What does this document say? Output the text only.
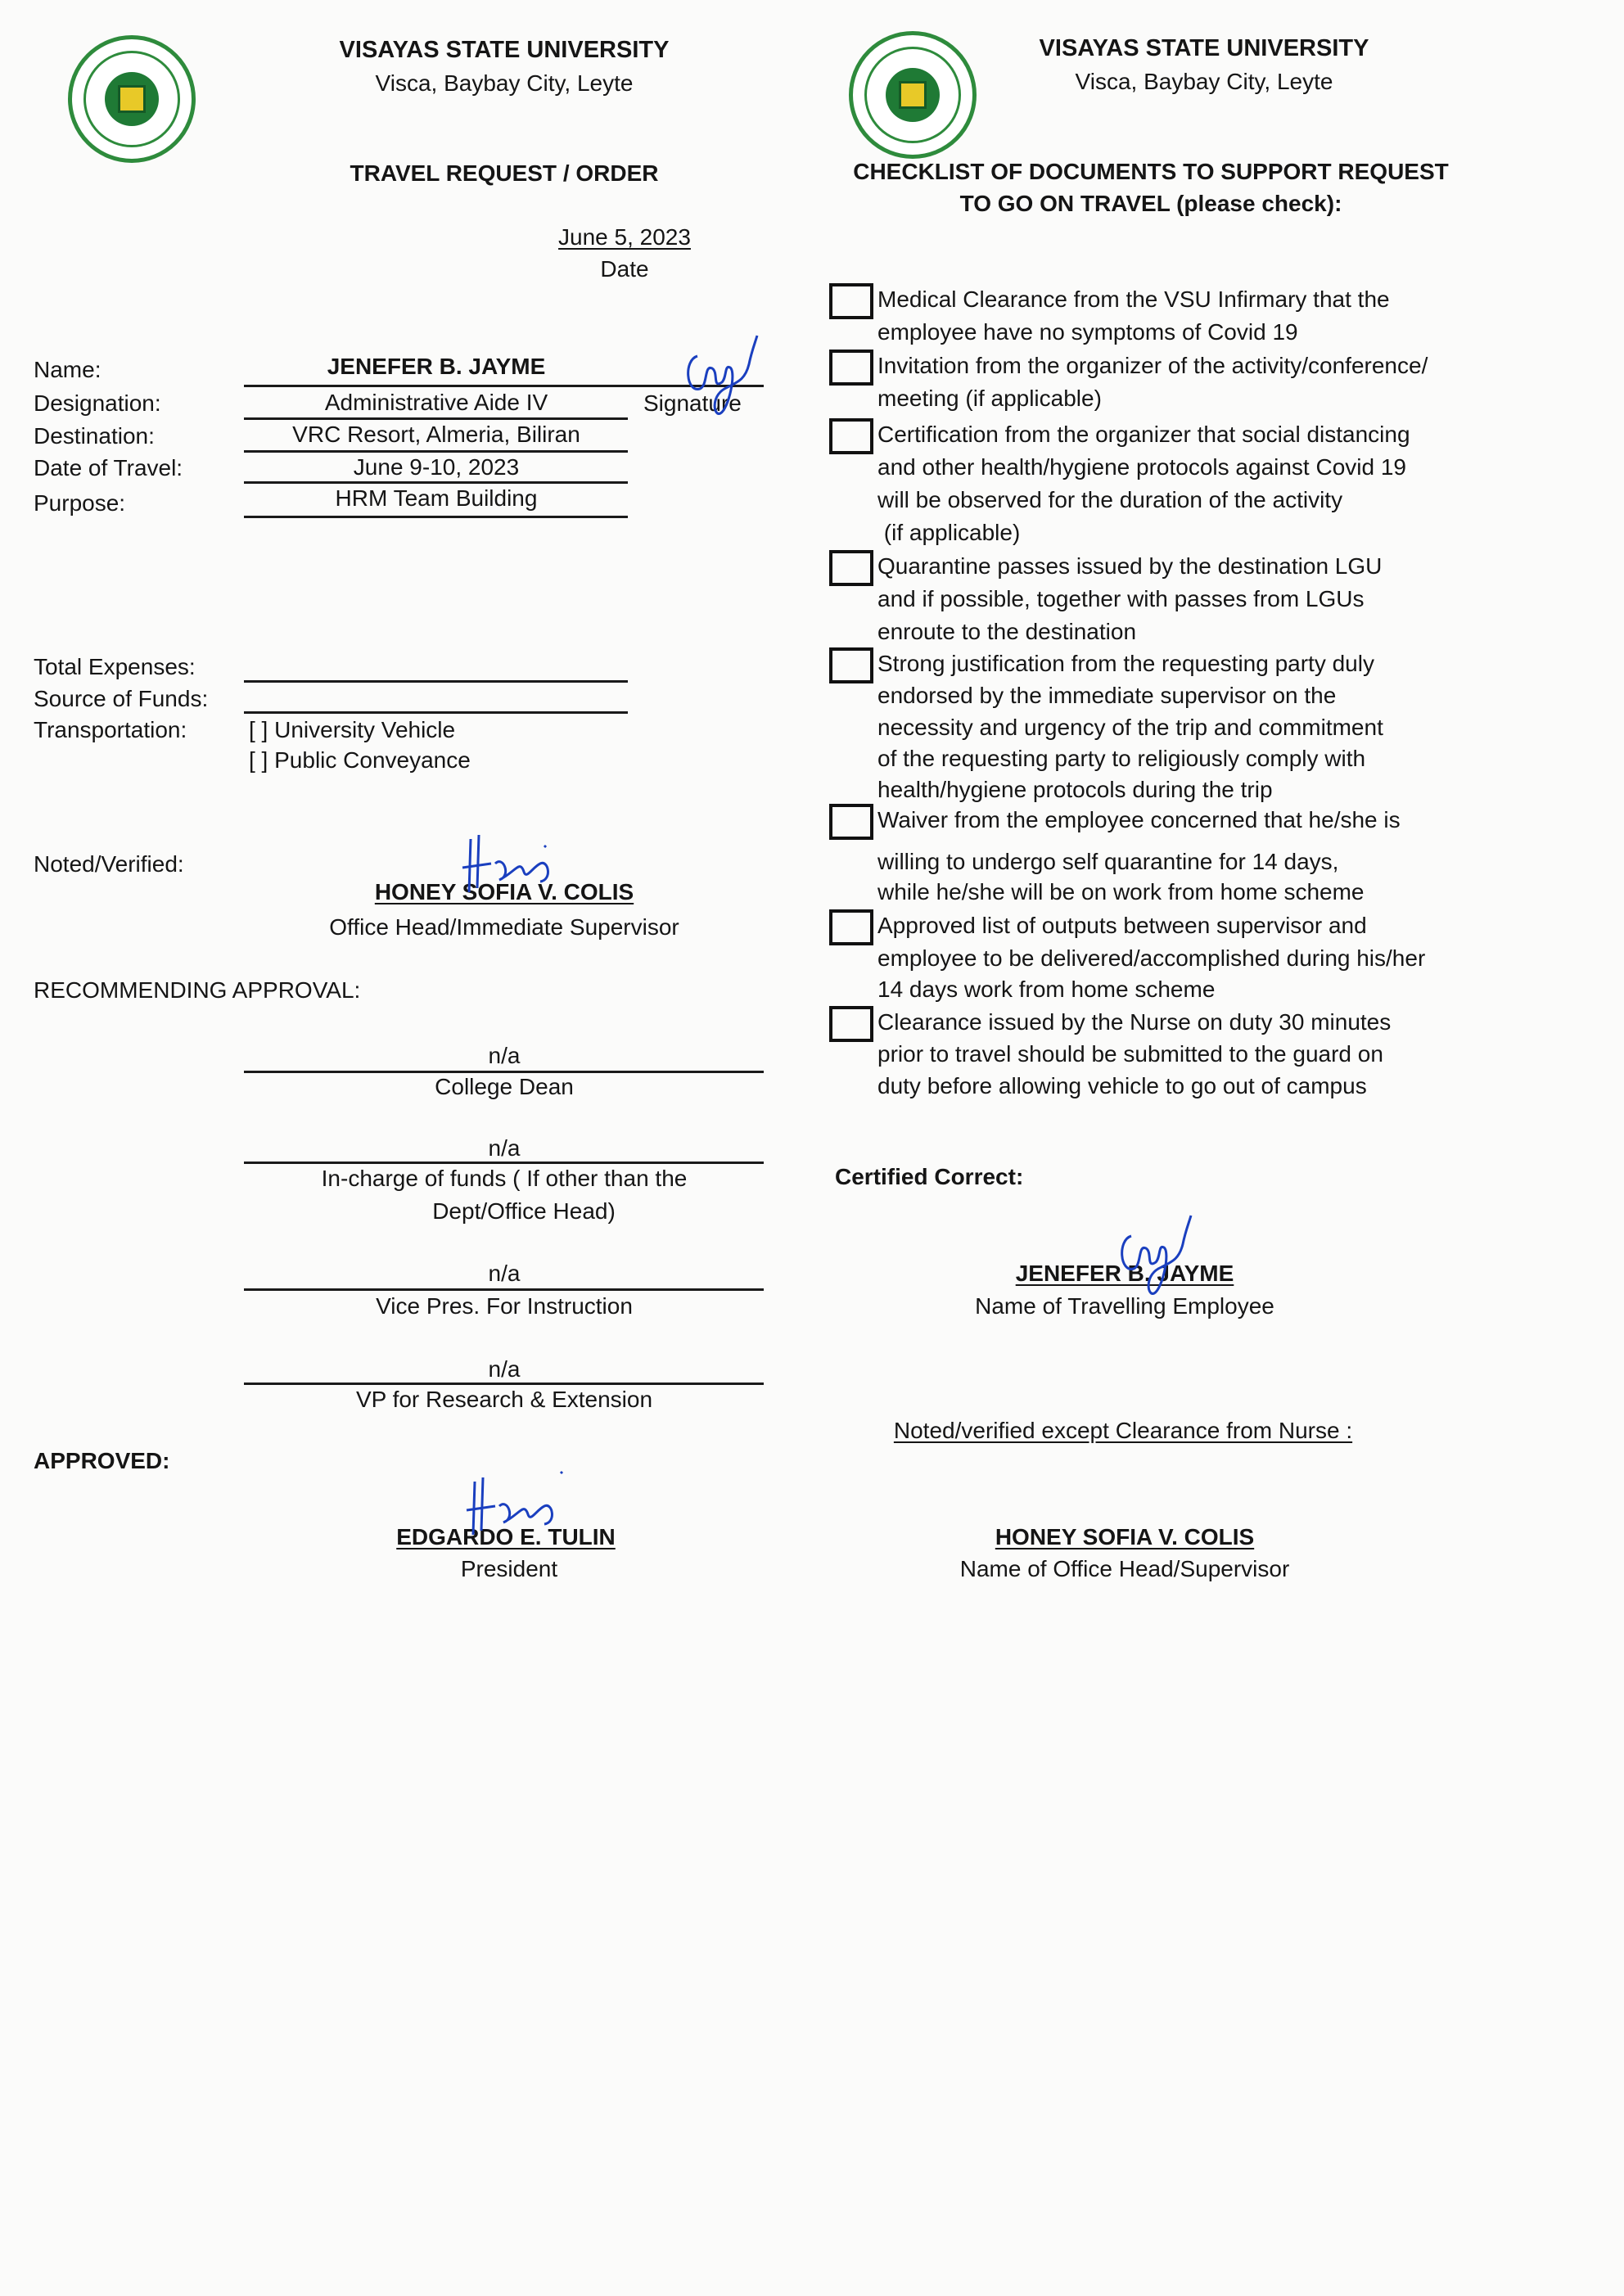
VISAYAS STATE UNIVERSITY
Visca, Baybay City, Leyte
TRAVEL REQUEST / ORDER
June 5, 2023
Date
Name:	JENEFER B. JAYME
Designation:	Administrative Aide IV	Signature
Destination:	VRC Resort, Almeria, Biliran
Date of Travel:	June 9-10, 2023
Purpose:	HRM Team Building
Total Expenses:
Source of Funds:
Transportation:	[ ] University Vehicle
[ ] Public Conveyance
Noted/Verified:
HONEY SOFIA V. COLIS
Office Head/Immediate Supervisor
RECOMMENDING APPROVAL:
n/a
College Dean
n/a
In-charge of funds ( If other than the
Dept/Office Head)
n/a
Vice Pres. For Instruction
n/a
VP for Research & Extension
APPROVED:
EDGARDO E. TULIN
President
VISAYAS STATE UNIVERSITY
Visca, Baybay City, Leyte
CHECKLIST OF DOCUMENTS TO SUPPORT REQUEST
TO GO ON TRAVEL (please check):
Medical Clearance from the VSU Infirmary that the
employee have no symptoms of Covid 19
Invitation from the organizer of the activity/conference/
meeting (if applicable)
Certification from the organizer that social distancing
and other health/hygiene protocols against Covid 19
will be observed for the duration of the activity
(if applicable)
Quarantine passes issued by the destination LGU
and if possible, together with passes from LGUs
enroute to the destination
Strong justification from the requesting party duly
endorsed by the immediate supervisor on the
necessity and urgency of the trip and commitment
of the requesting party to religiously comply with
health/hygiene protocols during the trip
Waiver from the employee concerned that he/she is
willing to undergo self quarantine for 14 days,
while he/she will be on work from home scheme
Approved list of outputs between supervisor and
employee to be delivered/accomplished during his/her
14 days work from home scheme
Clearance issued by the Nurse on duty 30 minutes
prior to travel should be submitted to the guard on
duty before allowing vehicle to go out of campus
Certified Correct:
JENEFER B. JAYME
Name of Travelling Employee
Noted/verified except Clearance from Nurse :
HONEY SOFIA V. COLIS
Name of Office Head/Supervisor
